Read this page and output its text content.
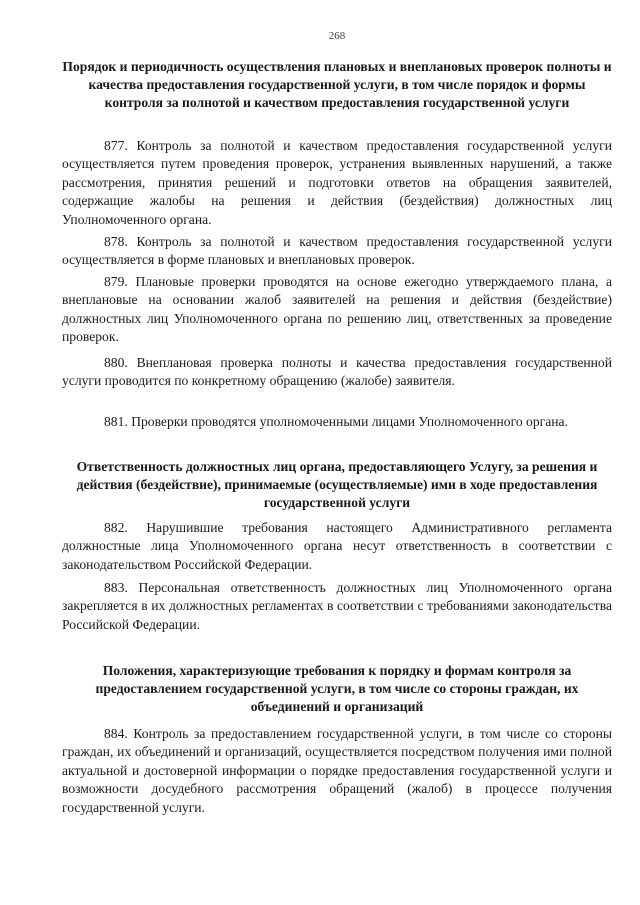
268

Порядок и периодичность осуществления плановых и внеплановых проверок полноты и качества предоставления государственной услуги, в том числе порядок и формы контроля за полнотой и качеством предоставления государственной услуги

877. Контроль за полнотой и качеством предоставления государственной услуги осуществляется путем проведения проверок, устранения выявленных нарушений, а также рассмотрения, принятия решений и подготовки ответов на обращения заявителей, содержащие жалобы на решения и действия (бездействия) должностных лиц Уполномоченного органа.

878. Контроль за полнотой и качеством предоставления государственной услуги осуществляется в форме плановых и внеплановых проверок.

879. Плановые проверки проводятся на основе ежегодно утверждаемого плана, а внеплановые на основании жалоб заявителей на решения и действия (бездействие) должностных лиц Уполномоченного органа по решению лиц, ответственных за проведение проверок.

880. Внеплановая проверка полноты и качества предоставления государственной услуги проводится по конкретному обращению (жалобе) заявителя.

881. Проверки проводятся уполномоченными лицами Уполномоченного органа.

Ответственность должностных лиц органа, предоставляющего Услугу, за решения и действия (бездействие), принимаемые (осуществляемые) ими в ходе предоставления государственной услуги

882. Нарушившие требования настоящего Административного регламента должностные лица Уполномоченного органа несут ответственность в соответствии с законодательством Российской Федерации.

883. Персональная ответственность должностных лиц Уполномоченного органа закрепляется в их должностных регламентах в соответствии с требованиями законодательства Российской Федерации.

Положения, характеризующие требования к порядку и формам контроля за предоставлением государственной услуги, в том числе со стороны граждан, их объединений и организаций

884. Контроль за предоставлением государственной услуги, в том числе со стороны граждан, их объединений и организаций, осуществляется посредством получения ими полной актуальной и достоверной информации о порядке предоставления государственной услуги и возможности досудебного рассмотрения обращений (жалоб) в процессе получения государственной услуги.
